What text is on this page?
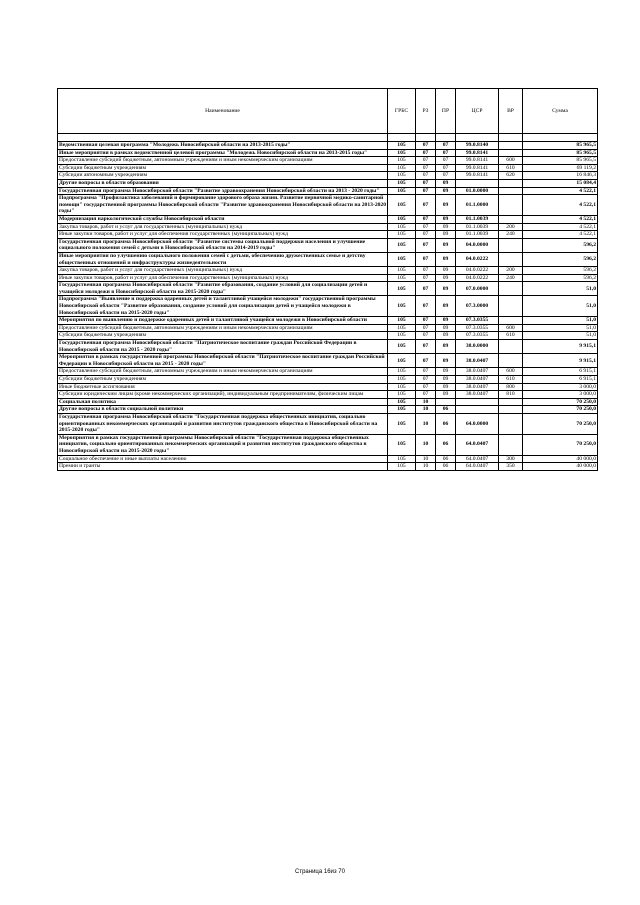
Наименование	ГРБС	РЗ	ПР	ЦСР	ВР	Сумма

Ведомственная целевая программа "Молодежь Новосибирской области на 2013-2015 годы"	105	07	07	99.0.8140		85 965,5
Иные мероприятия в рамках ведомственной целевой программы "Молодежь Новосибирской области на 2013-2015 годы"	105	07	07	99.0.8141		85 965,5
Предоставление субсидий бюджетным, автономным учреждениям и иным некоммерческим организациям	105	07	07	99.0.8141	600	85 965,5
Субсидии бюджетным учреждениям	105	07	07	99.0.8141	610	69 119,2
Субсидии автономным учреждениям	105	07	07	99.0.8141	620	16 846,3
Другие вопросы в области образования	105	07	09			15 084,4
Государственная программа Новосибирской области "Развитие здравоохранения Новосибирской области на 2013 - 2020 годы"	105	07	09	01.0.0000		4 522,1
Подпрограмма "Профилактика заболеваний и формирование здорового образа жизни. Развитие первичной медико-санитарной помощи" государственной программы Новосибирской области "Развитие здравоохранения Новосибирской области на 2013-2020 годы"	105	07	09	01.1.0000		4 522,1
Модернизация наркологической службы Новосибирской области	105	07	09	01.1.0039		4 522,1
Закупка товаров, работ и услуг для государственных (муниципальных) нужд	105	07	09	01.1.0039	200	4 522,1
Иные закупки товаров, работ и услуг для обеспечения государственных (муниципальных) нужд	105	07	09	01.1.0039	240	4 522,1
Государственная программа Новосибирской области "Развитие системы социальной поддержки населения и улучшение социального положения семей с детьми в Новосибирской области на 2014-2019 годы"	105	07	09	04.0.0000		596,2
Иные мероприятия по улучшению социального положения семей с детьми, обеспечению дружественных семье и детству общественных отношений и инфраструктуры жизнедеятельности	105	07	09	04.0.0222		596,2
Закупка товаров, работ и услуг для государственных (муниципальных) нужд	105	07	09	04.0.0222	200	596,2
Иные закупки товаров, работ и услуг для обеспечения государственных (муниципальных) нужд	105	07	09	04.0.0222	240	596,2
Государственная программа Новосибирской области "Развитие образования, создание условий для социализации детей и учащейся молодежи в Новосибирской области на 2015-2020 годы"	105	07	09	07.0.0000		51,0
Подпрограмма "Выявление и поддержка одаренных детей и талантливой учащейся молодежи" государственной программы Новосибирской области "Развитие образования, создание условий для социализации детей и учащейся молодежи в Новосибирской области на 2015-2020 годы"	105	07	09	07.3.0000		51,0
Мероприятия по выявлению и поддержке одаренных детей и талантливой учащейся молодежи в Новосибирской области	105	07	09	07.3.0355		51,0
Предоставление субсидий бюджетным, автономным учреждениям и иным некоммерческим организациям	105	07	09	07.3.0355	600	51,0
Субсидии бюджетным учреждениям	105	07	09	07.3.0355	610	51,0
Государственная программа Новосибирской области "Патриотическое воспитание граждан Российской Федерации в Новосибирской области на 2015 - 2020 годы"	105	07	09	38.0.0000		9 915,1
Мероприятия в рамках государственной программы Новосибирской области "Патриотическое воспитание граждан Российской Федерации в Новосибирской области на 2015 - 2020 годы"	105	07	09	38.0.0407		9 915,1
Предоставление субсидий бюджетным, автономным учреждениям и иным некоммерческим организациям	105	07	09	38.0.0407	600	6 915,1
Субсидии бюджетным учреждениям	105	07	09	38.0.0407	610	6 915,1
Иные бюджетные ассигнования	105	07	09	38.0.0407	800	3 000,0
Субсидии юридическим лицам (кроме некоммерческих организаций), индивидуальным предпринимателям, физическим лицам	105	07	09	38.0.0407	810	3 000,0
Социальная политика	105	10				70 250,0
Другие вопросы в области социальной политики	105	10	06			70 250,0
Государственная программа Новосибирской области "Государственная поддержка общественных инициатив, социально ориентированных некоммерческих организаций и развития институтов гражданского общества в Новосибирской области на 2015-2020 годы"	105	10	06	64.0.0000		70 250,0
Мероприятия в рамках государственной программы Новосибирской области "Государственная поддержка общественных инициатив, социально ориентированных некоммерческих организаций и развития институтов гражданского общества в Новосибирской области на 2015-2020 годы"	105	10	06	64.0.0407		70 250,0
Социальное обеспечение и иные выплаты населению	105	10	06	64.0.0407	300	40 000,0
Премии и гранты	105	10	06	64.0.0407	350	40 000,0
Страница 16из 70
